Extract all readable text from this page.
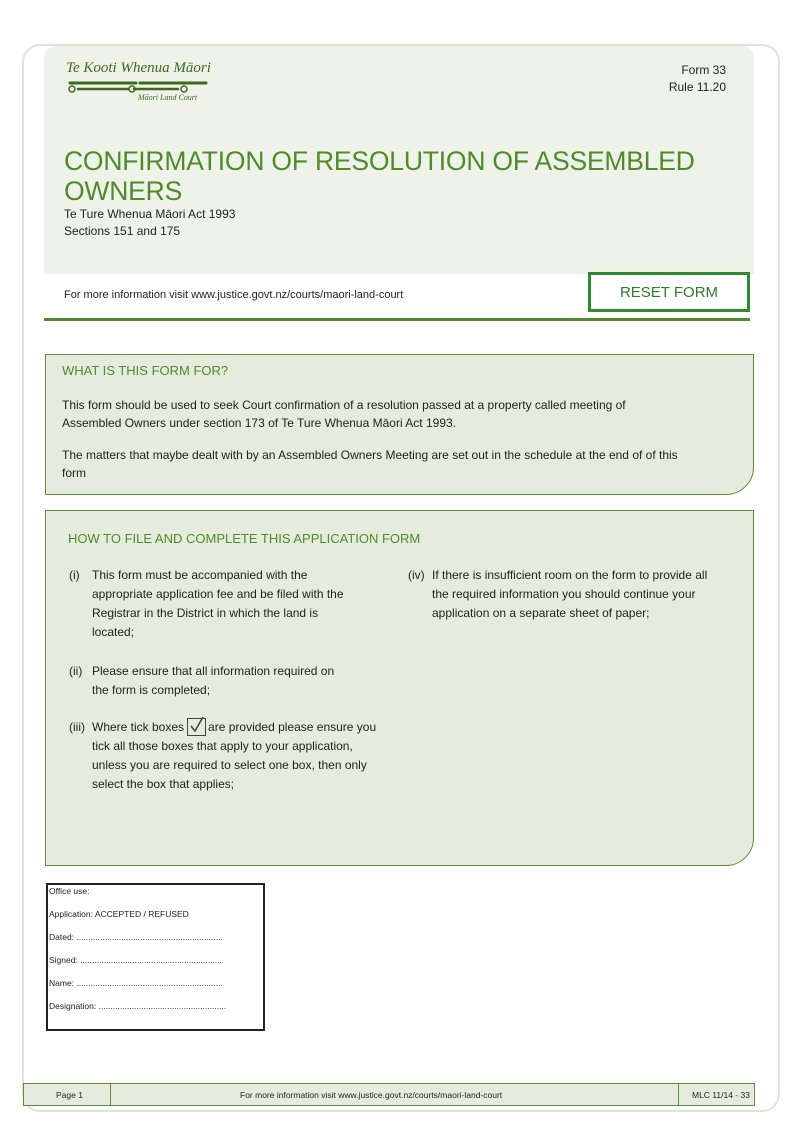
Te Kooti Whenua Māori
Māori Land Court
Form 33
Rule 11.20
CONFIRMATION OF RESOLUTION OF ASSEMBLED OWNERS
Te Ture Whenua Māori Act 1993
Sections 151 and 175
For more information visit www.justice.govt.nz/courts/maori-land-court	RESET FORM
WHAT IS THIS FORM FOR?
This form should be used to seek Court confirmation of a resolution passed at a property called meeting of Assembled Owners under section 173 of Te Ture Whenua Māori Act 1993.
The matters that maybe dealt with by an Assembled Owners Meeting are set out in the schedule at the end of of this form
HOW TO FILE AND COMPLETE THIS APPLICATION FORM
(i) This form must be accompanied with the appropriate application fee and be filed with the Registrar in the District in which the land is located;
(ii) Please ensure that all information required on the form is completed;
(iii) Where tick boxes are provided please ensure you tick all those boxes that apply to your application, unless you are required to select one box, then only select the box that applies;
(iv) If there is insufficient room on the form to provide all the required information you should continue your application on a separate sheet of paper;
Office use:
Application: ACCEPTED / REFUSED
Dated: ..............................................................
Signed: ............................................................
Name: ..............................................................
Designation: ......................................................
Page 1	For more information visit www.justice.govt.nz/courts/maori-land-court	MLC 11/14 - 33
